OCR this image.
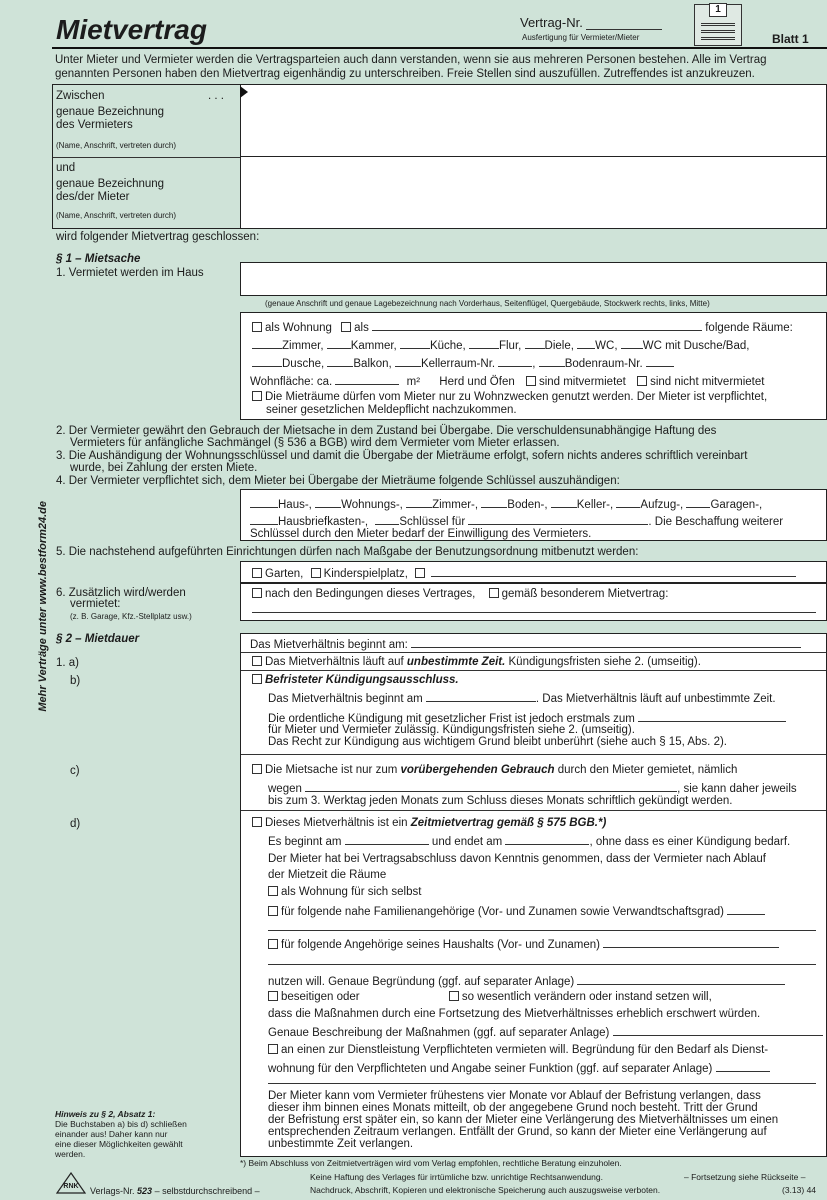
Mietvertrag	Vertrag-Nr.
Ausfertigung für Vermieter/Mieter
1
Blatt 1
Unter Mieter und Vermieter werden die Vertragsparteien auch dann verstanden, wenn sie aus mehreren Personen bestehen. Alle im Vertrag
genannten Personen haben den Mietvertrag eigenhändig zu unterschreiben. Freie Stellen sind auszufüllen. Zutreffendes ist anzukreuzen.
Zwischen	. . .
genaue Bezeichnung
des Vermieters
(Name, Anschrift, vertreten durch)
und
genaue Bezeichnung
des/der Mieter
(Name, Anschrift, vertreten durch)
wird folgender Mietvertrag geschlossen:
Mehr Verträge unter www.bestform24.de
§ 1 – Mietsache
1. Vermietet werden im Haus
(genaue Anschrift und genaue Lagebezeichnung nach Vorderhaus, Seitenflügel, Quergebäude, Stockwerk rechts, links, Mitte)
als Wohnung als	folgende Räume:
Zimmer, Kammer,	Küche,	Flur, Diele, WC, WC mit Dusche/Bad,
Dusche,	Balkon,	Kellerraum-Nr.	,	Bodenraum-Nr.
Wohnfläche: ca.	m² Herd und Öfen sind mitvermietet sind nicht mitvermietet
Die Mieträume dürfen vom Mieter nur zu Wohnzwecken genutzt werden. Der Mieter ist verpflichtet,
seiner gesetzlichen Meldepflicht nachzukommen.
2. Der Vermieter gewährt den Gebrauch der Mietsache in dem Zustand bei Übergabe. Die verschuldensunabhängige Haftung des
Vermieters für anfängliche Sachmängel (§ 536 a BGB) wird dem Vermieter vom Mieter erlassen.
3. Die Aushändigung der Wohnungsschlüssel und damit die Übergabe der Mieträume erfolgt, sofern nichts anderes schriftlich vereinbart
wurde, bei Zahlung der ersten Miete.
4. Der Vermieter verpflichtet sich, dem Mieter bei Übergabe der Mieträume folgende Schlüssel auszuhändigen:
Haus-,	Wohnungs-,	Zimmer-,	Boden-,	Keller-, Aufzug-, Garagen-,
Hausbriefkasten-,	Schlüssel für	. Die Beschaffung weiterer
Schlüssel durch den Mieter bedarf der Einwilligung des Vermieters.
5. Die nachstehend aufgeführten Einrichtungen dürfen nach Maßgabe der Benutzungsordnung mitbenutzt werden:
Garten, Kinderspielplatz,
6. Zusätzlich wird/werden
vermietet:
(z. B. Garage, Kfz.-Stellplatz usw.)
nach den Bedingungen dieses Vertrages, gemäß besonderem Mietvertrag:
§ 2 – Mietdauer	Das Mietverhältnis beginnt am:
1. a)	Das Mietverhältnis läuft auf unbestimmte Zeit. Kündigungsfristen siehe 2. (umseitig).
b)	Befristeter Kündigungsausschluss.
Das Mietverhältnis beginnt am	. Das Mietverhältnis läuft auf unbestimmte Zeit.
Die ordentliche Kündigung mit gesetzlicher Frist ist jedoch erstmals zum
für Mieter und Vermieter zulässig. Kündigungsfristen siehe 2. (umseitig).
Das Recht zur Kündigung aus wichtigem Grund bleibt unberührt (siehe auch § 15, Abs. 2).
c)	Die Mietsache ist nur zum vorübergehenden Gebrauch durch den Mieter gemietet, nämlich
wegen	, sie kann daher jeweils
bis zum 3. Werktag jeden Monats zum Schluss dieses Monats schriftlich gekündigt werden.
d)	Dieses Mietverhältnis ist ein Zeitmietvertrag gemäß § 575 BGB.*)
Es beginnt am	und endet am	, ohne dass es einer Kündigung bedarf.
Der Mieter hat bei Vertragsabschluss davon Kenntnis genommen, dass der Vermieter nach Ablauf
der Mietzeit die Räume
als Wohnung für sich selbst
für folgende nahe Familienangehörige (Vor- und Zunamen sowie Verwandtschaftsgrad)
für folgende Angehörige seines Haushalts (Vor- und Zunamen)
nutzen will. Genaue Begründung (ggf. auf separater Anlage)
beseitigen oder	so wesentlich verändern oder instand setzen will,
dass die Maßnahmen durch eine Fortsetzung des Mietverhältnisses erheblich erschwert würden.
Genaue Beschreibung der Maßnahmen (ggf. auf separater Anlage)
an einen zur Dienstleistung Verpflichteten vermieten will. Begründung für den Bedarf als Dienst-
wohnung für den Verpflichteten und Angabe seiner Funktion (ggf. auf separater Anlage)
Der Mieter kann vom Vermieter frühestens vier Monate vor Ablauf der Befristung verlangen, dass
dieser ihm binnen eines Monats mitteilt, ob der angegebene Grund noch besteht. Tritt der Grund
der Befristung erst später ein, so kann der Mieter eine Verlängerung des Mietverhältnisses um einen
entsprechenden Zeitraum verlangen. Entfällt der Grund, so kann der Mieter eine Verlängerung auf
unbestimmte Zeit verlangen.
Hinweis zu § 2, Absatz 1:
Die Buchstaben a) bis d) schließen
einander aus! Daher kann nur
eine dieser Möglichkeiten gewählt
werden.
*) Beim Abschluss von Zeitmietverträgen wird vom Verlag empfohlen, rechtliche Beratung einzuholen.
RNK	Verlags-Nr. 523 – selbstdurchschreibend –
Keine Haftung des Verlages für irrtümliche bzw. unrichtige Rechtsanwendung.
Nachdruck, Abschrift, Kopieren und elektronische Speicherung auch auszugsweise verboten.
– Fortsetzung siehe Rückseite –
(3.13) 44
